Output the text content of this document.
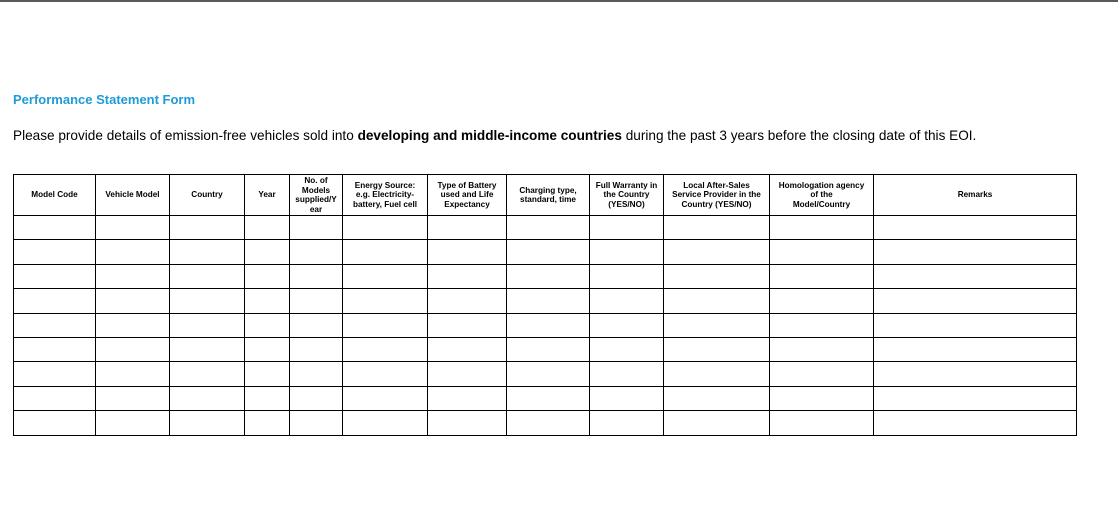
Performance Statement Form
Please provide details of emission-free vehicles sold into developing and middle-income countries during the past 3 years before the closing date of this EOI.
Model Code	Vehicle Model	Country	Year	No. of
Models
supplied/Y
ear	Energy Source:
e.g. Electricity-
battery, Fuel cell	Type of Battery
used and Life
Expectancy	Charging type,
standard, time	Full Warranty in
the Country
(YES/NO)	Local After-Sales
Service Provider in the
Country (YES/NO)	Homologation agency
of the
Model/Country	Remarks
